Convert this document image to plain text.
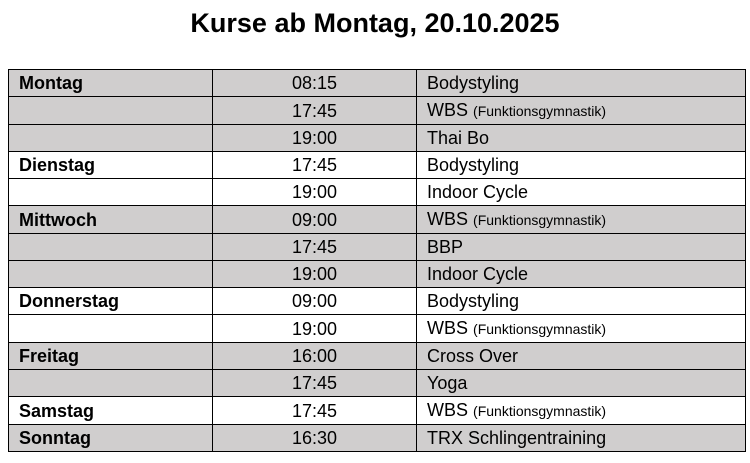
Kurse ab Montag, 20.10.2025
Montag	08:15	Bodystyling
	17:45	WBS (Funktionsgymnastik)
	19:00	Thai Bo
Dienstag	17:45	Bodystyling
	19:00	Indoor Cycle
Mittwoch	09:00	WBS (Funktionsgymnastik)
	17:45	BBP
	19:00	Indoor Cycle
Donnerstag	09:00	Bodystyling
	19:00	WBS (Funktionsgymnastik)
Freitag	16:00	Cross Over
	17:45	Yoga
Samstag	17:45	WBS (Funktionsgymnastik)
Sonntag	16:30	TRX Schlingentraining
